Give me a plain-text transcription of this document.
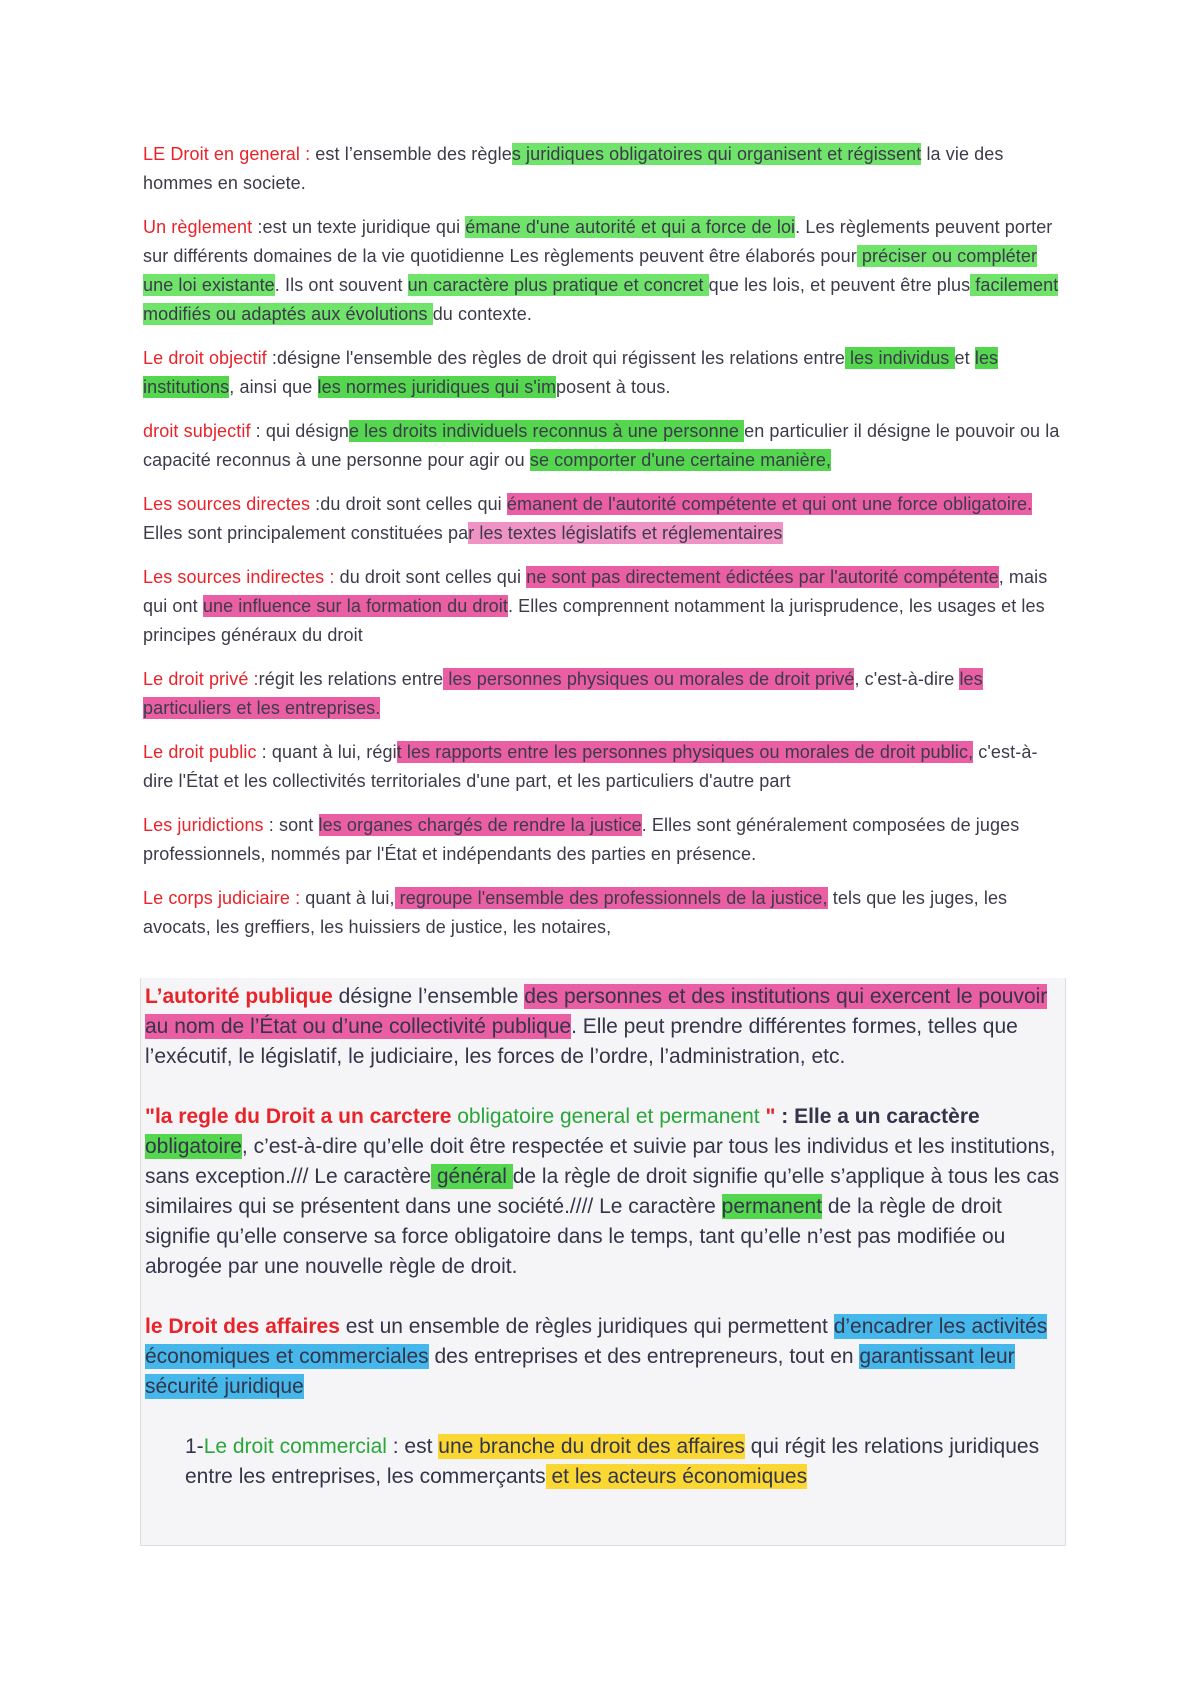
LE Droit en general : est l’ensemble des règles juridiques obligatoires qui organisent et régissent la vie des hommes en societe.

Un règlement :est un texte juridique qui émane d'une autorité et qui a force de loi. Les règlements peuvent porter sur différents domaines de la vie quotidienne Les règlements peuvent être élaborés pour préciser ou compléter une loi existante. Ils ont souvent un caractère plus pratique et concret que les lois, et peuvent être plus facilement modifiés ou adaptés aux évolutions du contexte.

Le droit objectif :désigne l'ensemble des règles de droit qui régissent les relations entre les individus et les institutions, ainsi que les normes juridiques qui s'imposent à tous.

droit subjectif : qui désigne les droits individuels reconnus à une personne en particulier il désigne le pouvoir ou la capacité reconnus à une personne pour agir ou se comporter d'une certaine manière,

Les sources directes :du droit sont celles qui émanent de l'autorité compétente et qui ont une force obligatoire. Elles sont principalement constituées par les textes législatifs et réglementaires

Les sources indirectes : du droit sont celles qui ne sont pas directement édictées par l'autorité compétente, mais qui ont une influence sur la formation du droit. Elles comprennent notamment la jurisprudence, les usages et les principes généraux du droit

Le droit privé :régit les relations entre les personnes physiques ou morales de droit privé, c'est-à-dire les particuliers et les entreprises.

Le droit public : quant à lui, régit les rapports entre les personnes physiques ou morales de droit public, c'est-à-dire l'État et les collectivités territoriales d'une part, et les particuliers d'autre part

Les juridictions : sont les organes chargés de rendre la justice. Elles sont généralement composées de juges professionnels, nommés par l'État et indépendants des parties en présence.

Le corps judiciaire : quant à lui, regroupe l'ensemble des professionnels de la justice, tels que les juges, les avocats, les greffiers, les huissiers de justice, les notaires,

L’autorité publique désigne l’ensemble des personnes et des institutions qui exercent le pouvoir au nom de l’État ou d’une collectivité publique. Elle peut prendre différentes formes, telles que l’exécutif, le législatif, le judiciaire, les forces de l’ordre, l’administration, etc.

"la regle du Droit a un carctere obligatoire general et permanent " : Elle a un caractère obligatoire, c’est-à-dire qu’elle doit être respectée et suivie par tous les individus et les institutions, sans exception./// Le caractère général de la règle de droit signifie qu’elle s’applique à tous les cas similaires qui se présentent dans une société.//// Le caractère permanent de la règle de droit signifie qu’elle conserve sa force obligatoire dans le temps, tant qu’elle n’est pas modifiée ou abrogée par une nouvelle règle de droit.

le Droit des affaires est un ensemble de règles juridiques qui permettent d’encadrer les activités économiques et commerciales des entreprises et des entrepreneurs, tout en garantissant leur sécurité juridique

1-Le droit commercial : est une branche du droit des affaires qui régit les relations juridiques entre les entreprises, les commerçants et les acteurs économiques
